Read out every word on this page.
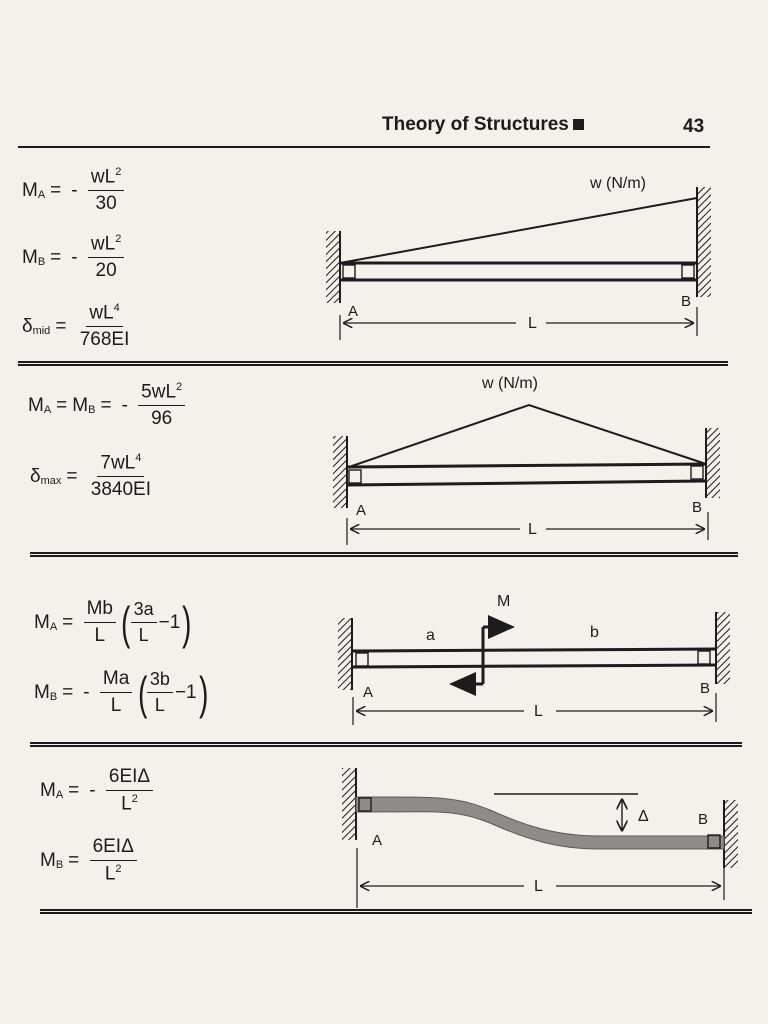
Theory of Structures	43
$M_A$ = - $\frac{wL^2}{30}$
$M_B$ = - $\frac{wL^2}{20}$
$\delta_{mid} = \frac{wL^4}{768EI}$
$M_A = M_B$ = - $\frac{5wL^2}{96}$
$\delta_{max} = \frac{7wL^4}{3840EI}$
$M_A = \frac{Mb}{L}$ ( $\frac{3a}{L} -1$)
$M_B$ = - $\frac{Ma}{L}$ ( $\frac{3b}{L} -1$)
$M_A$ = - $\frac{\text{6EIΔ}}{L^2}$
$M_B = \frac{\text{6EIΔ}}{L^2}$
w (N/m)
A
B
L
w (N/m)
A	B
L
M
a	b
A	B
L
Δ
A
B
L
